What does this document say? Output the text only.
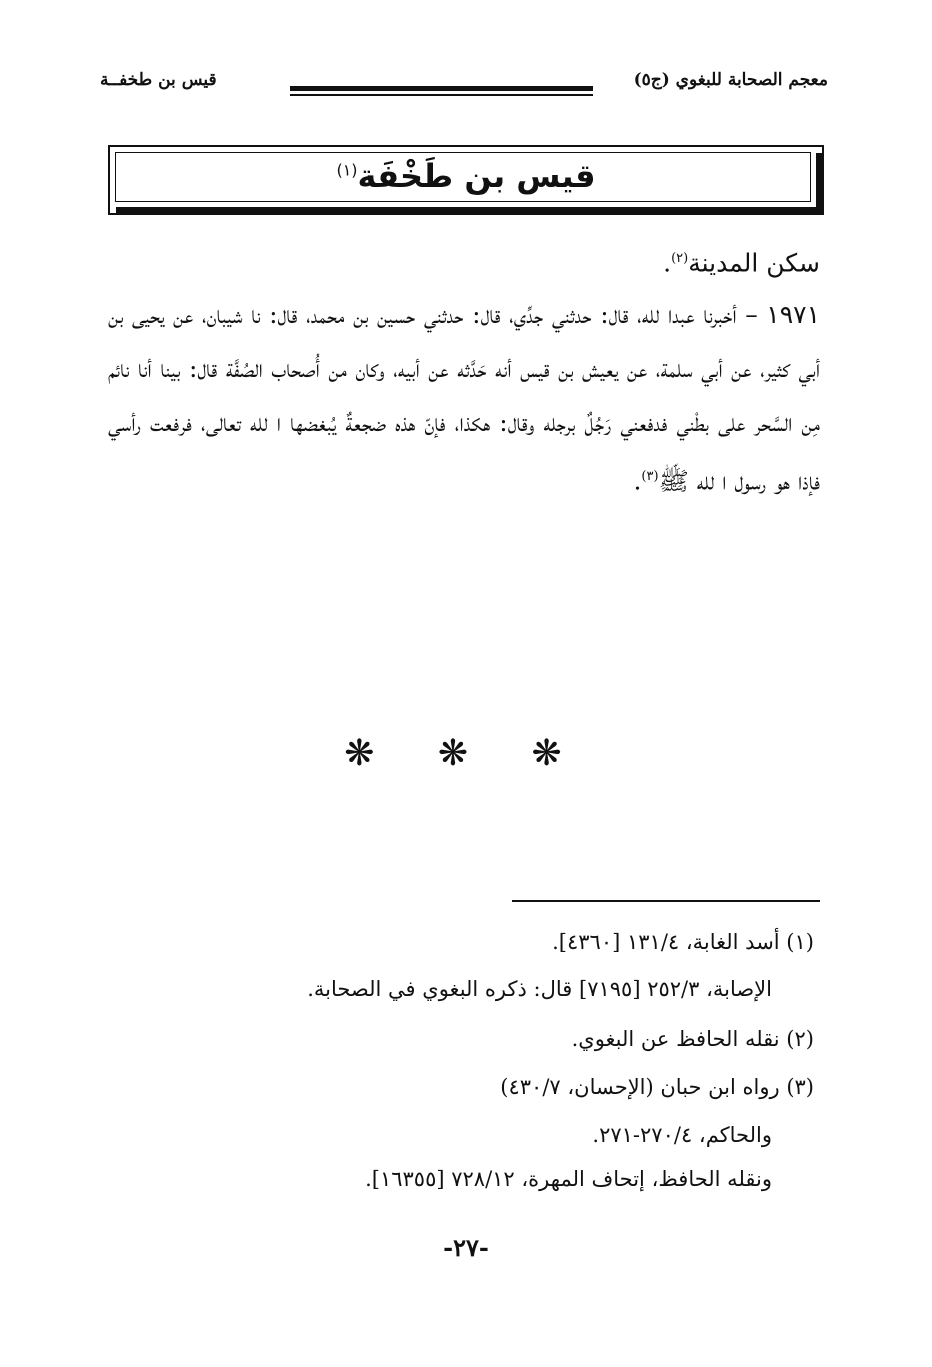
معجم الصحابة للبغوي (ج٥)
قيس بن طخفــة
قيس بن طَخْفَة$^{(١)}$
سكن المدينة$^{(٢)}$.
١٩٧١ – أخبرنا عبدا لله، قال: حدثني جدِّي، قال: حدثني حسين بن محمد، قال: نا شيبان، عن يحيى بن أبي كثير، عن أبي سلمة، عن يعيش بن قيس أنه حَدَّثه عن أبيه، وكان من أُصحاب الصُفَّة قال: بينا أنا نائم مِن السَّحر على بطْني فدفعني رَجُلٌ برجله وقال: هكذا، فإنّ هذه ضجعةٌ يُبغضها ا لله تعالى، فرفعت رأسي فإذا هو رسول ا لله ﷺ$^{(٣)}$.
❋ ❋ ❋
(١) أسد الغابة، ١٣١/٤ [٤٣٦٠].
الإصابة، ٢٥٢/٣ [٧١٩٥] قال: ذكره البغوي في الصحابة.
(٢) نقله الحافظ عن البغوي.
(٣) رواه ابن حبان (الإحسان، ٤٣٠/٧)
والحاكم، ٢٧٠/٤-٢٧١.
ونقله الحافظ، إتحاف المهرة، ٧٢٨/١٢ [١٦٣٥٥].
-٢٧-
